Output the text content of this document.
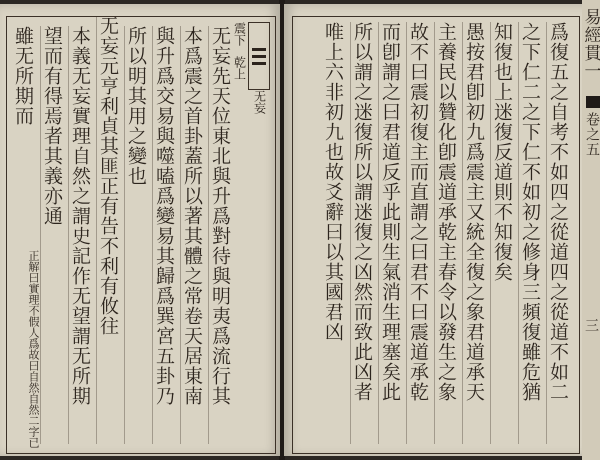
无妄
震下
乾上
无妄先天位東北與升爲對待與明夷爲流行其
本爲震之首卦蓋所以著其體之常卷天居東南
與升爲交易與噬嗑爲變易其歸爲巽宮五卦乃
所以明其用之變也
无妄元亨利貞其匪正有告不利有攸往
本義无妄實理自然之謂史記作无望謂无所期
望而有得焉者其義亦通
雖无所期而
正解曰實理不假人爲故曰自然自然二字已	爲復五之自考不如四之從道四之從道不如二
之下仁二之下仁不如初之修身三頻復雖危猶
知復也上迷復反道則不知復矣
愚按君卽初九爲震主又統全復之象君道承天
主養民以贊化卽震道承乾主春令以發生之象
故不曰震初復主而直謂之曰君不曰震道承乾
而卽謂之曰君道反乎此則生氣消生理塞矣此
所以謂之迷復所以謂迷復之凶然而致此凶者
唯上六非初九也故爻辭曰以其國君凶	易經貫一
卷之五
三
